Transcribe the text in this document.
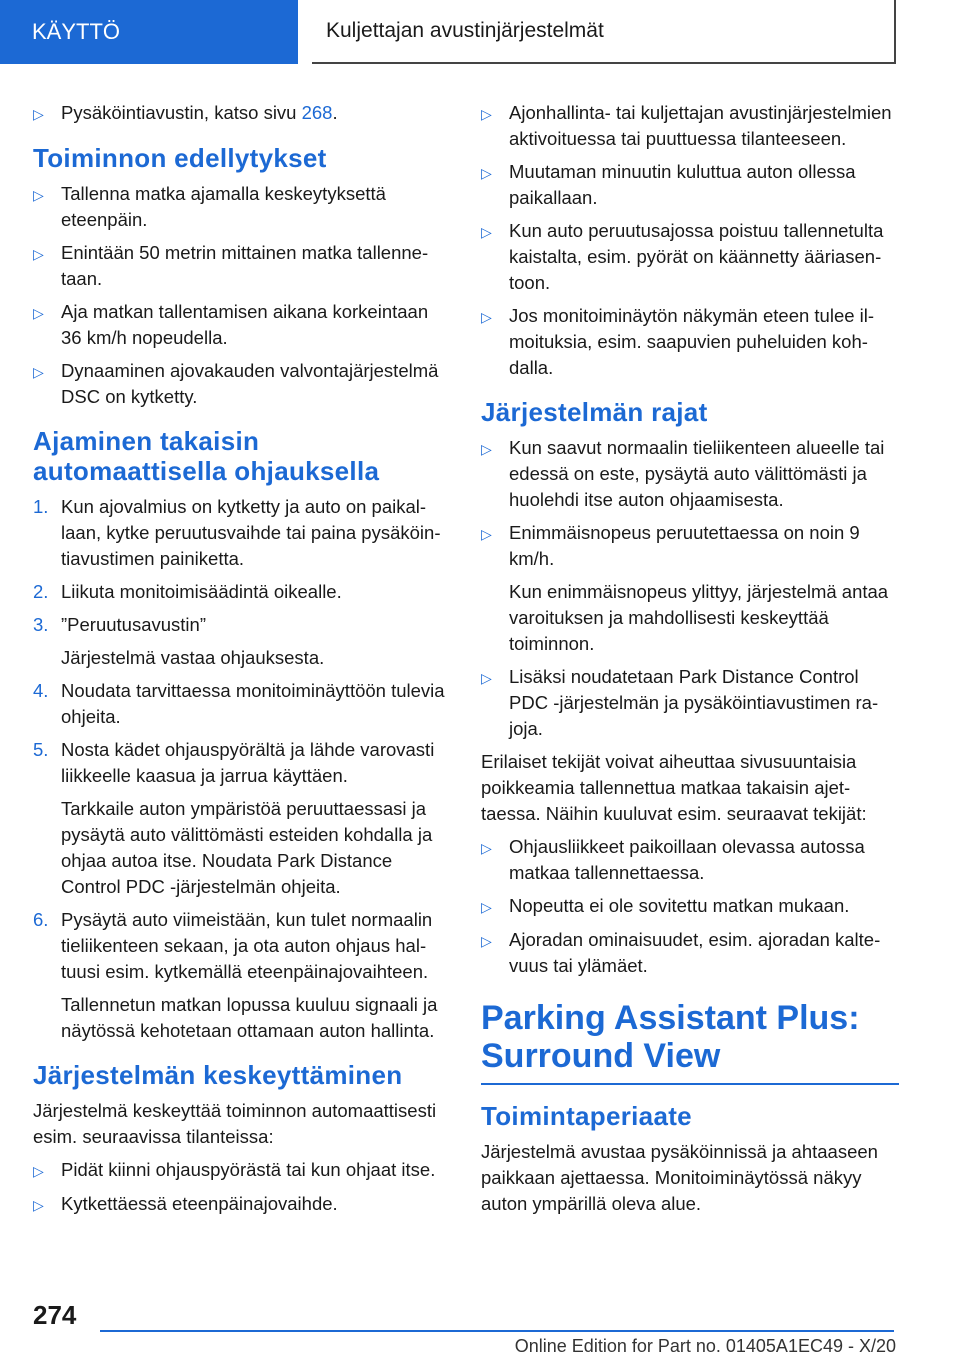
KÄYTTÖ	Kuljettajan avustinjärjestelmät
▷ Pysäköintiavustin, katso sivu 268.
Toiminnon edellytykset
▷ Tallenna matka ajamalla keskeytyksettä eteenpäin.
▷ Enintään 50 metrin mittainen matka tallennetaan.
▷ Aja matkan tallentamisen aikana korkeintaan 36 km/h nopeudella.
▷ Dynaaminen ajovakauden valvontajärjestelmä DSC on kytketty.
Ajaminen takaisin automaattisella ohjauksella
1. Kun ajovalmius on kytketty ja auto on paikallaan, kytke peruutusvaihde tai paina pysäköintiavustimen painiketta.
2. Liikuta monitoimisäädintä oikealle.
3. ”Peruutusavustin”
Järjestelmä vastaa ohjauksesta.
4. Noudata tarvittaessa monitoiminäyttöön tulevia ohjeita.
5. Nosta kädet ohjauspyörältä ja lähde varovasti liikkeelle kaasua ja jarrua käyttäen.
Tarkkaile auton ympäristöä peruuttaessasi ja pysäytä auto välittömästi esteiden kohdalla ja ohjaa autoa itse. Noudata Park Distance Control PDC -järjestelmän ohjeita.
6. Pysäytä auto viimeistään, kun tulet normaalin tieliikenteen sekaan, ja ota auton ohjaus haltuusi esim. kytkemällä eteenpäinajovaihteen.
Tallennetun matkan lopussa kuuluu signaali ja näytössä kehotetaan ottamaan auton hallinta.
Järjestelmän keskeyttäminen
Järjestelmä keskeyttää toiminnon automaattisesti esim. seuraavissa tilanteissa:
▷ Pidät kiinni ohjauspyörästä tai kun ohjaat itse.
▷ Kytkettäessä eteenpäinajovaihde.
▷ Ajonhallinta- tai kuljettajan avustinjärjestelmien aktivoituessa tai puuttuessa tilanteeseen.
▷ Muutaman minuutin kuluttua auton ollessa paikallaan.
▷ Kun auto peruutusajossa poistuu tallennetulta kaistalta, esim. pyörät on käännetty ääriasentoon.
▷ Jos monitoiminäytön näkymän eteen tulee ilmoituksia, esim. saapuvien puheluiden kohdalla.
Järjestelmän rajat
▷ Kun saavut normaalin tieliikenteen alueelle tai edessä on este, pysäytä auto välittömästi ja huolehdi itse auton ohjaamisesta.
▷ Enimmäisnopeus peruutettaessa on noin 9 km/h.
Kun enimmäisnopeus ylittyy, järjestelmä antaa varoituksen ja mahdollisesti keskeyttää toiminnon.
▷ Lisäksi noudatetaan Park Distance Control PDC -järjestelmän ja pysäköintiavustimen rajoja.
Erilaiset tekijät voivat aiheuttaa sivusuuntaisia poikkeamia tallennettua matkaa takaisin ajettaessa. Näihin kuuluvat esim. seuraavat tekijät:
▷ Ohjausliikkeet paikoillaan olevassa autossa matkaa tallennettaessa.
▷ Nopeutta ei ole sovitettu matkan mukaan.
▷ Ajoradan ominaisuudet, esim. ajoradan kaltevuus tai ylämäet.
Parking Assistant Plus: Surround View
Toimintaperiaate
Järjestelmä avustaa pysäköinnissä ja ahtaaseen paikkaan ajettaessa. Monitoiminäytössä näkyy auton ympärillä oleva alue.
274
Online Edition for Part no. 01405A1EC49 - X/20
